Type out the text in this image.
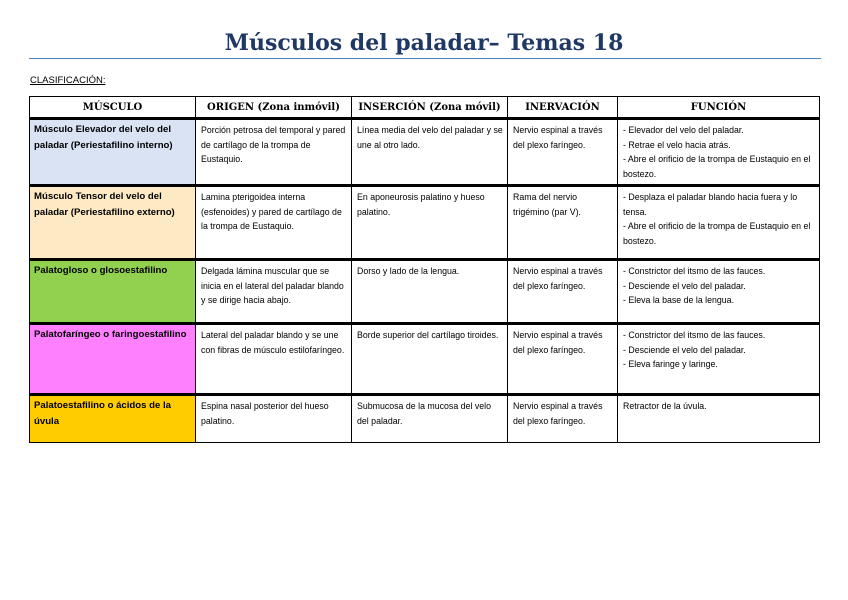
Músculos del paladar– Temas 18
CLASIFICACIÓN:
MÚSCULO	ORIGEN (Zona inmóvil)	INSERCIÓN (Zona móvil)	INERVACIÓN	FUNCIÓN
Músculo Elevador del velo del paladar (Periestafilino interno)	Porción petrosa del temporal y pared de cartílago de la trompa de Eustaquio.	Línea media del velo del paladar y se une al otro lado.	Nervio espinal a través del plexo faríngeo.	- Elevador del velo del paladar.
- Retrae el velo hacia atrás.
- Abre el orificio de la trompa de Eustaquio en el bostezo.

Músculo Tensor del velo del paladar (Periestafilino externo)	Lamina pterigoidea interna (esfenoides) y pared de cartílago de la trompa de Eustaquio.	En aponeurosis palatino y hueso palatino.	Rama del nervio trigémino (par V).	- Desplaza el paladar blando hacia fuera y lo tensa.
- Abre el orificio de la trompa de Eustaquio en el bostezo.

Palatogloso o glosoestafilino	Delgada lámina muscular que se inicia en el lateral del paladar blando y se dirige hacia abajo.	Dorso y lado de la lengua.	Nervio espinal a través del plexo faríngeo.	- Constrictor del itsmo de las fauces.
- Desciende el velo del paladar.
- Eleva la base de la lengua.

Palatofaríngeo o faringoestafilino	Lateral del paladar blando y se une con fibras de músculo estilofaríngeo.	Borde superior del cartílago tiroides.	Nervio espinal a través del plexo faríngeo.	- Constrictor del itsmo de las fauces.
- Desciende el velo del paladar.
- Eleva faringe y laringe.

Palatoestafilino o ácidos de la úvula	Espina nasal posterior del hueso palatino.	Submucosa de la mucosa del velo del paladar.	Nervio espinal a través del plexo faríngeo.	Retractor de la úvula.
